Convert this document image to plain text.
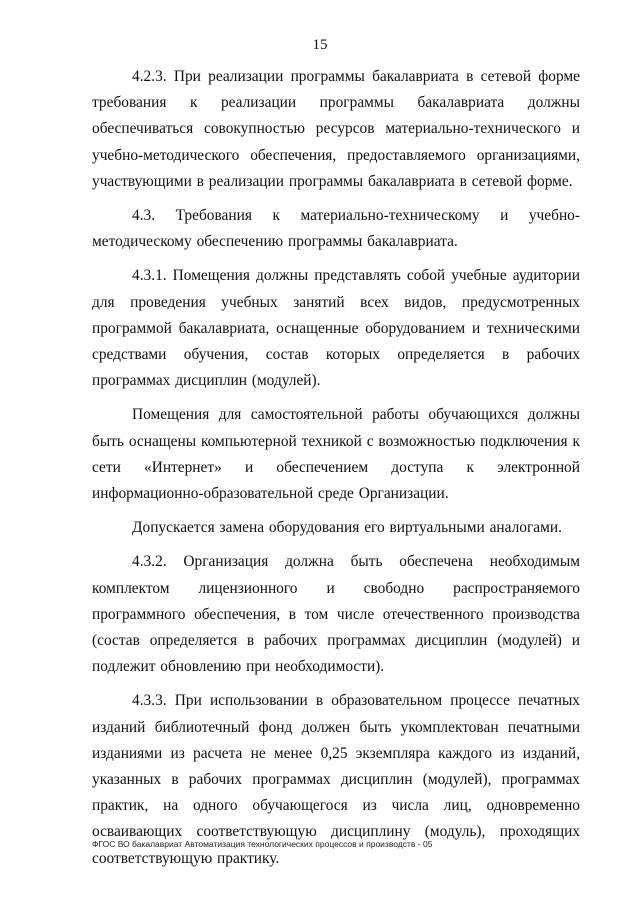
15

4.2.3. При реализации программы бакалавриата в сетевой форме требования к реализации программы бакалавриата должны обеспечиваться совокупностью ресурсов материально-технического и учебно-методического обеспечения, предоставляемого организациями, участвующими в реализации программы бакалавриата в сетевой форме.

4.3. Требования к материально-техническому и учебно-методическому обеспечению программы бакалавриата.

4.3.1. Помещения должны представлять собой учебные аудитории для проведения учебных занятий всех видов, предусмотренных программой бакалавриата, оснащенные оборудованием и техническими средствами обучения, состав которых определяется в рабочих программах дисциплин (модулей).

Помещения для самостоятельной работы обучающихся должны быть оснащены компьютерной техникой с возможностью подключения к сети «Интернет» и обеспечением доступа к электронной информационно-образовательной среде Организации.

Допускается замена оборудования его виртуальными аналогами.

4.3.2. Организация должна быть обеспечена необходимым комплектом лицензионного и свободно распространяемого программного обеспечения, в том числе отечественного производства (состав определяется в рабочих программах дисциплин (модулей) и подлежит обновлению при необходимости).

4.3.3. При использовании в образовательном процессе печатных изданий библиотечный фонд должен быть укомплектован печатными изданиями из расчета не менее 0,25 экземпляра каждого из изданий, указанных в рабочих программах дисциплин (модулей), программах практик, на одного обучающегося из числа лиц, одновременно осваивающих соответствующую дисциплину (модуль), проходящих соответствующую практику.

ФГОС ВО бакалавриат Автоматизация технологических процессов и производств - 05
